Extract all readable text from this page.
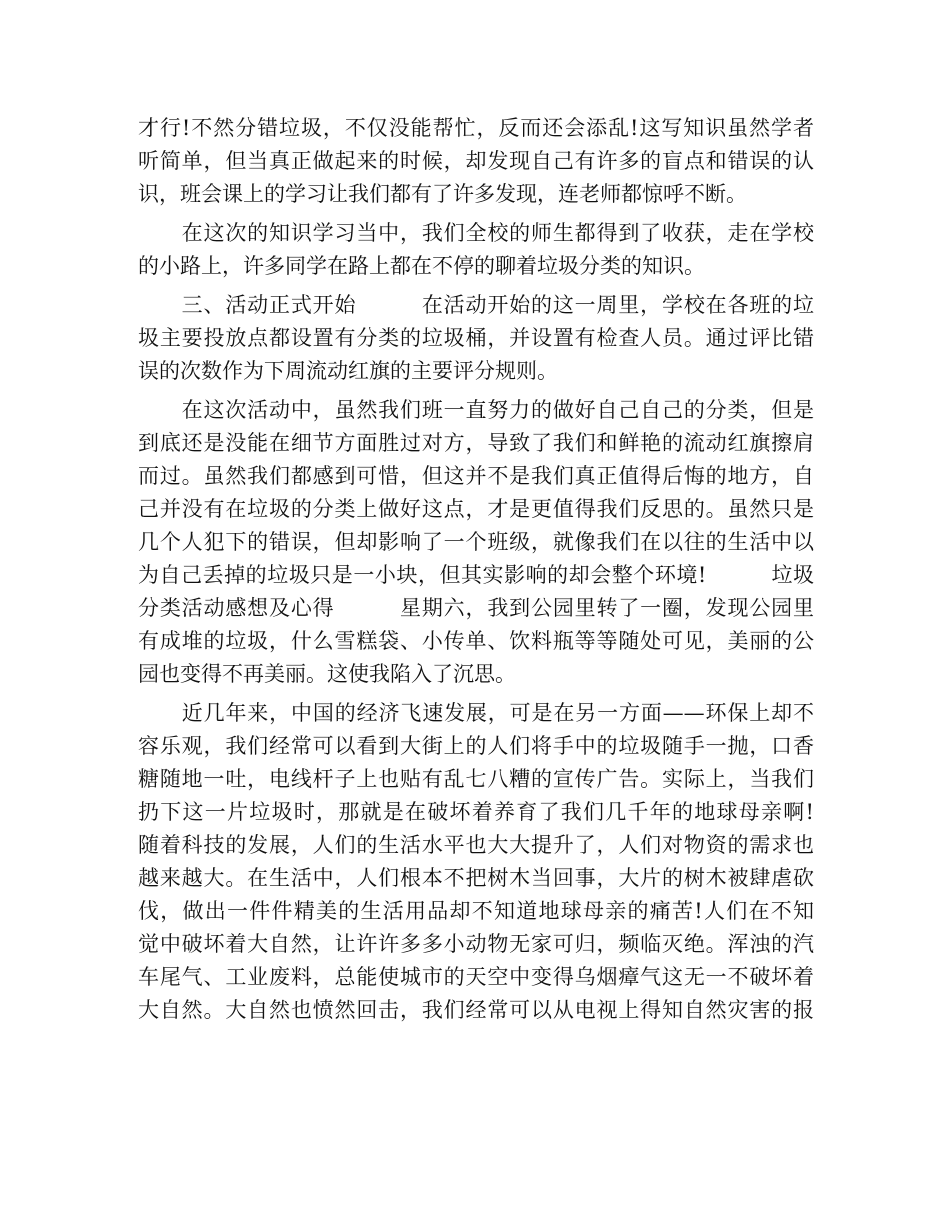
才行!不然分错垃圾，不仅没能帮忙，反而还会添乱!这写知识虽然学者
听简单，但当真正做起来的时候，却发现自己有许多的盲点和错误的认
识，班会课上的学习让我们都有了许多发现，连老师都惊呼不断。
　　在这次的知识学习当中，我们全校的师生都得到了收获，走在学校
的小路上，许多同学在路上都在不停的聊着垃圾分类的知识。
　　三、活动正式开始　　　在活动开始的这一周里，学校在各班的垃
圾主要投放点都设置有分类的垃圾桶，并设置有检查人员。通过评比错
误的次数作为下周流动红旗的主要评分规则。
　　在这次活动中，虽然我们班一直努力的做好自己自己的分类，但是
到底还是没能在细节方面胜过对方，导致了我们和鲜艳的流动红旗擦肩
而过。虽然我们都感到可惜，但这并不是我们真正值得后悔的地方，自
己并没有在垃圾的分类上做好这点，才是更值得我们反思的。虽然只是
几个人犯下的错误，但却影响了一个班级，就像我们在以往的生活中以
为自己丢掉的垃圾只是一小块，但其实影响的却会整个环境!　　　垃圾
分类活动感想及心得　　　星期六，我到公园里转了一圈，发现公园里
有成堆的垃圾，什么雪糕袋、小传单、饮料瓶等等随处可见，美丽的公
园也变得不再美丽。这使我陷入了沉思。
　　近几年来，中国的经济飞速发展，可是在另一方面——环保上却不
容乐观，我们经常可以看到大街上的人们将手中的垃圾随手一抛，口香
糖随地一吐，电线杆子上也贴有乱七八糟的宣传广告。实际上，当我们
扔下这一片垃圾时，那就是在破坏着养育了我们几千年的地球母亲啊!
随着科技的发展，人们的生活水平也大大提升了，人们对物资的需求也
越来越大。在生活中，人们根本不把树木当回事，大片的树木被肆虐砍
伐，做出一件件精美的生活用品却不知道地球母亲的痛苦!人们在不知
觉中破坏着大自然，让许许多多小动物无家可归，频临灭绝。浑浊的汽
车尾气、工业废料，总能使城市的天空中变得乌烟瘴气这无一不破坏着
大自然。大自然也愤然回击，我们经常可以从电视上得知自然灾害的报
